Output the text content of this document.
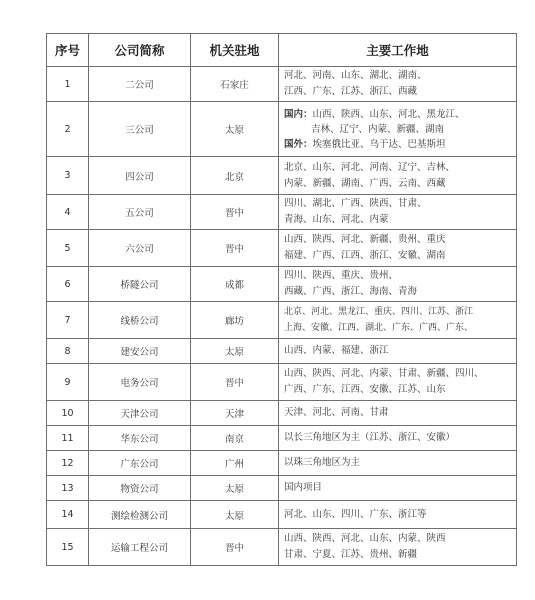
序号	公司简称	机关驻地	主要工作地
1	二公司	石家庄	河北、河南、山东、湖北、湖南、
江西、广东、江苏、浙江、西藏

2	三公司	太原	国内：山西、陕西、山东、河北、黑龙江、
吉林、辽宁、内蒙、新疆、湖南
国外：埃塞俄比亚、乌干达、巴基斯坦

3	四公司	北京	北京、山东、河北、河南、辽宁、吉林、
内蒙、新疆、湖南、广西、云南、西藏

4	五公司	晋中	四川、湖北、广西、陕西、甘肃、
青海、山东、河北、内蒙

5	六公司	晋中	山西、陕西、河北、新疆、贵州、重庆
福建、广西、江西、浙江、安徽、湖南

6	桥隧公司	成都	四川、陕西、重庆、贵州、
西藏、广西、浙江、海南、青海

7	线桥公司	廊坊	北京、河北、黑龙江、重庆、四川、江苏、浙江
上海、安徽、江西、湖北、广东、广西、广东、

8	建安公司	太原	山西、内蒙、福建、浙江

9	电务公司	晋中	山西、陕西、河北、内蒙、甘肃、新疆、四川、
广西、广东、江西、安徽、江苏、山东

10	天津公司	天津	天津、河北、河南、甘肃

11	华东公司	南京	以长三角地区为主（江苏、浙江、安徽）

12	广东公司	广州	以珠三角地区为主

13	物资公司	太原	国内项目

14	测绘检测公司	太原	河北、山东、四川、广东、浙江等

15	运输工程公司	晋中	山西、陕西、河北、山东、内蒙、陕西
甘肃、宁夏、江苏、贵州、新疆
